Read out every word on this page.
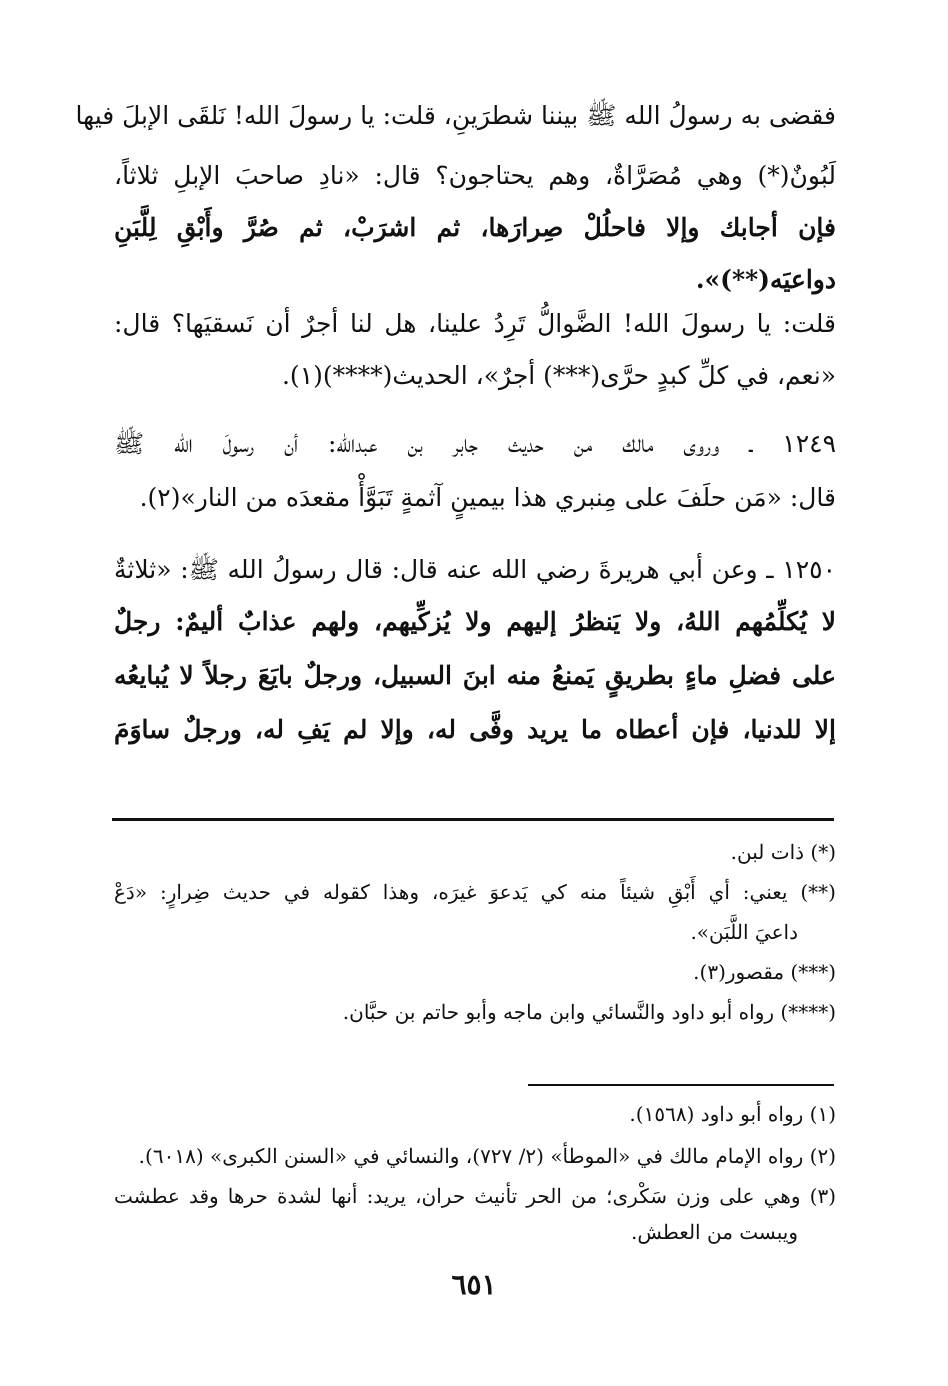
فقضى به رسولُ الله ﷺ بيننا شطرَينِ، قلت: يا رسولَ الله! نَلقَى الإبلَ فيها
لَبُونٌ(*) وهي مُصَرَّاةٌ، وهم يحتاجون؟ قال: «نادِ صاحبَ الإبلِ ثلاثاً،
فإن أجابك وإلا فاحلُلْ صِرارَها، ثم اشرَبْ، ثم صُرَّ وأَبْقِ لِلَّبَنِ
دواعيَه(**)».
قلت: يا رسولَ الله! الضَّوالُّ تَرِدُ علينا، هل لنا أجرٌ أن نَسقيَها؟ قال:
«نعم، في كلِّ كبدٍ حرَّى(***) أجرٌ»، الحديث(****)(١).
١٢٤٩ ـ وروى مالك من حديث جابر بن عبدالله: أن رسولَ الله ﷺ
قال: «مَن حلَفَ على مِنبري هذا بيمينٍ آثمةٍ تَبَوَّأْ مقعدَه من النار»(٢).
١٢٥٠ ـ وعن أبي هريرةَ رضي الله عنه قال: قال رسولُ الله ﷺ: «ثلاثةٌ
لا يُكلِّمُهم اللهُ، ولا يَنظرُ إليهم ولا يُزكِّيهم، ولهم عذابٌ أليمٌ: رجلٌ
على فضلِ ماءٍ بطريقٍ يَمنعُ منه ابنَ السبيل، ورجلٌ بايَعَ رجلاً لا يُبايعُه
إلا للدنيا، فإن أعطاه ما يريد وفَّى له، وإلا لم يَفِ له، ورجلٌ ساوَمَ
(*) ذات لبن.
(**) يعني: أي أَبْقِ شيئاً منه كي يَدعوَ غيرَه، وهذا كقوله في حديث ضِرارٍ: «دَعْ
داعيَ اللَّبَن».
(***) مقصور(٣).
(****) رواه أبو داود والنَّسائي وابن ماجه وأبو حاتم بن حبَّان.
(١) رواه أبو داود (١٥٦٨).
(٢) رواه الإمام مالك في «الموطأ» (٢/ ٧٢٧)، والنسائي في «السنن الكبرى» (٦٠١٨).
(٣) وهي على وزن سَكْرى؛ من الحر تأنيث حران، يريد: أنها لشدة حرها وقد عطشت
ويبست من العطش.
٦٥١
